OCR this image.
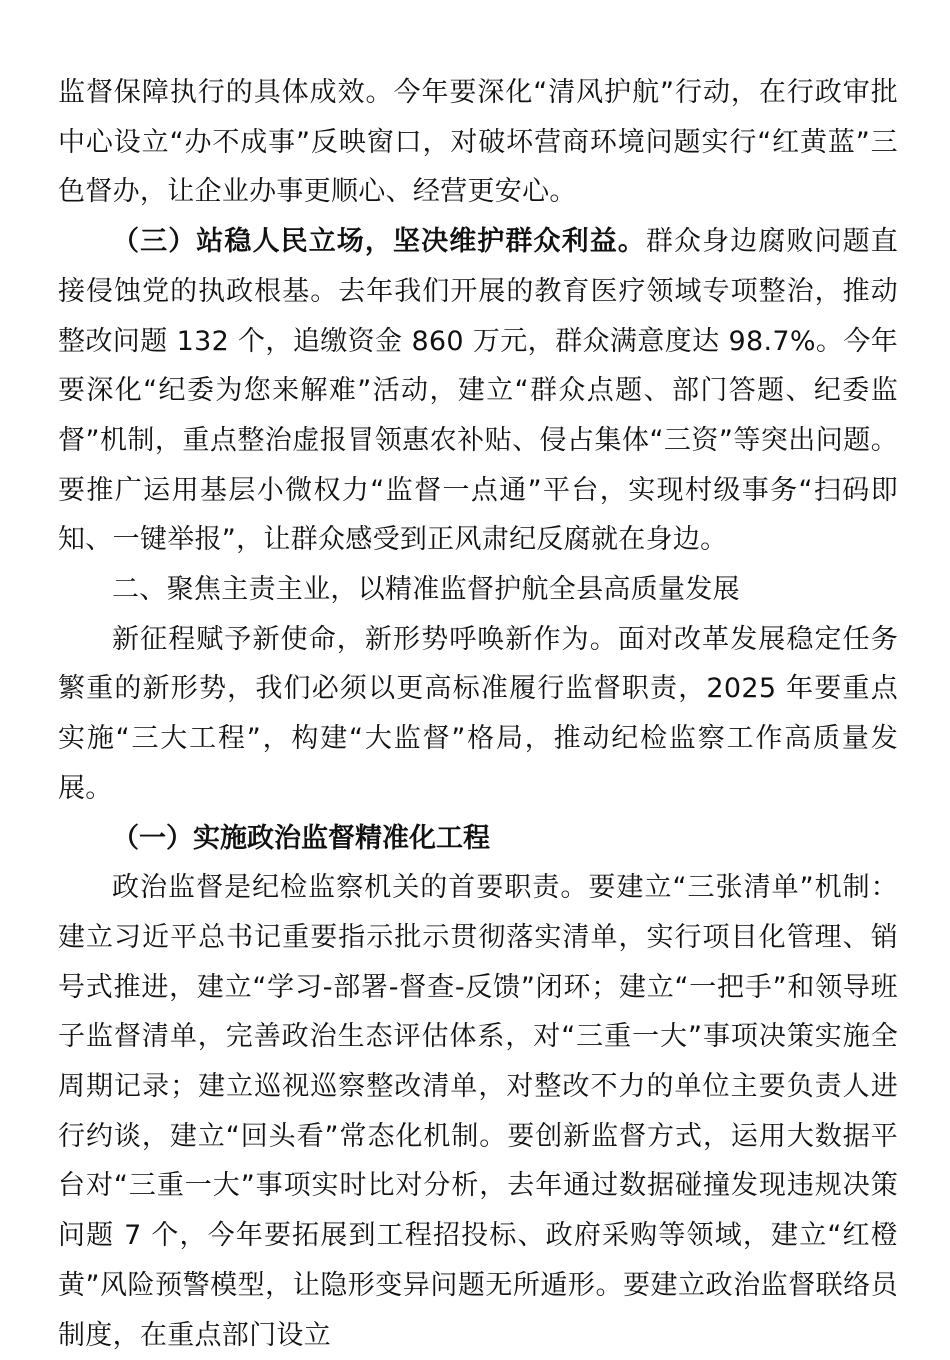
监督保障执行的具体成效。今年要深化“清风护航”行动，在行政审批中心设立“办不成事”反映窗口，对破坏营商环境问题实行“红黄蓝”三色督办，让企业办事更顺心、经营更安心。

（三）站稳人民立场，坚决维护群众利益。群众身边腐败问题直接侵蚀党的执政根基。去年我们开展的教育医疗领域专项整治，推动整改问题 132 个，追缴资金 860 万元，群众满意度达 98.7%。今年要深化“纪委为您来解难”活动，建立“群众点题、部门答题、纪委监督”机制，重点整治虚报冒领惠农补贴、侵占集体“三资”等突出问题。要推广运用基层小微权力“监督一点通”平台，实现村级事务“扫码即知、一键举报”，让群众感受到正风肃纪反腐就在身边。

二、聚焦主责主业，以精准监督护航全县高质量发展

新征程赋予新使命，新形势呼唤新作为。面对改革发展稳定任务繁重的新形势，我们必须以更高标准履行监督职责，2025 年要重点实施“三大工程”，构建“大监督”格局，推动纪检监察工作高质量发展。

（一）实施政治监督精准化工程

政治监督是纪检监察机关的首要职责。要建立“三张清单”机制：建立习近平总书记重要指示批示贯彻落实清单，实行项目化管理、销号式推进，建立“学习-部署-督查-反馈”闭环；建立“一把手”和领导班子监督清单，完善政治生态评估体系，对“三重一大”事项决策实施全周期记录；建立巡视巡察整改清单，对整改不力的单位主要负责人进行约谈，建立“回头看”常态化机制。要创新监督方式，运用大数据平台对“三重一大”事项实时比对分析，去年通过数据碰撞发现违规决策问题 7 个，今年要拓展到工程招投标、政府采购等领域，建立“红橙黄”风险预警模型，让隐形变异问题无所遁形。要建立政治监督联络员制度，在重点部门设立
